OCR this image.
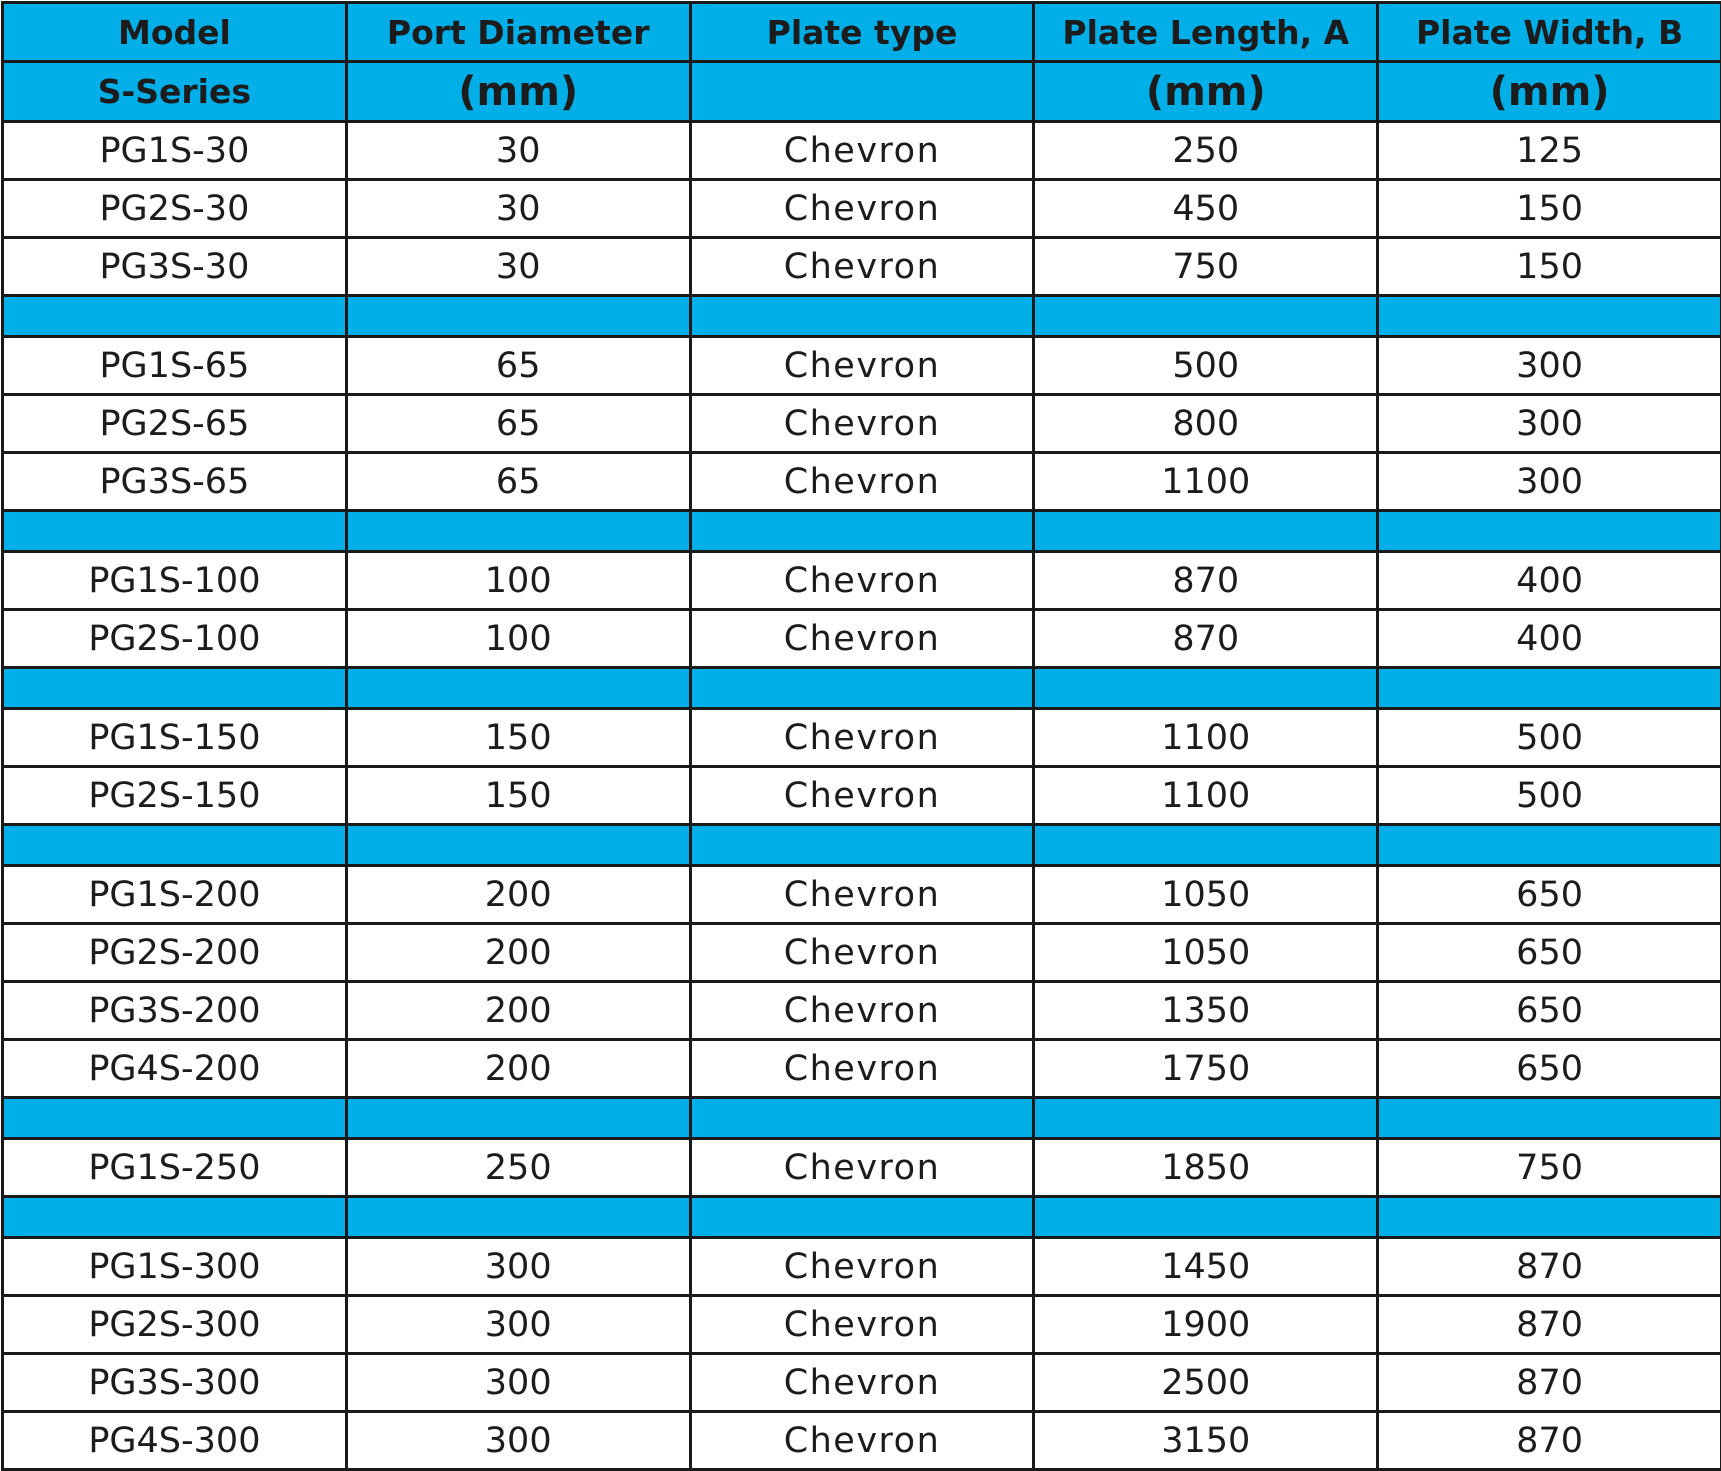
Model	Port Diameter	Plate type	Plate Length, A	Plate Width, B
S-Series	(mm)		(mm)	(mm)
PG1S-30	30	Chevron	250	125
PG2S-30	30	Chevron	450	150
PG3S-30	30	Chevron	750	150

PG1S-65	65	Chevron	500	300
PG2S-65	65	Chevron	800	300
PG3S-65	65	Chevron	1100	300

PG1S-100	100	Chevron	870	400
PG2S-100	100	Chevron	870	400

PG1S-150	150	Chevron	1100	500
PG2S-150	150	Chevron	1100	500

PG1S-200	200	Chevron	1050	650
PG2S-200	200	Chevron	1050	650
PG3S-200	200	Chevron	1350	650
PG4S-200	200	Chevron	1750	650

PG1S-250	250	Chevron	1850	750

PG1S-300	300	Chevron	1450	870
PG2S-300	300	Chevron	1900	870
PG3S-300	300	Chevron	2500	870
PG4S-300	300	Chevron	3150	870
